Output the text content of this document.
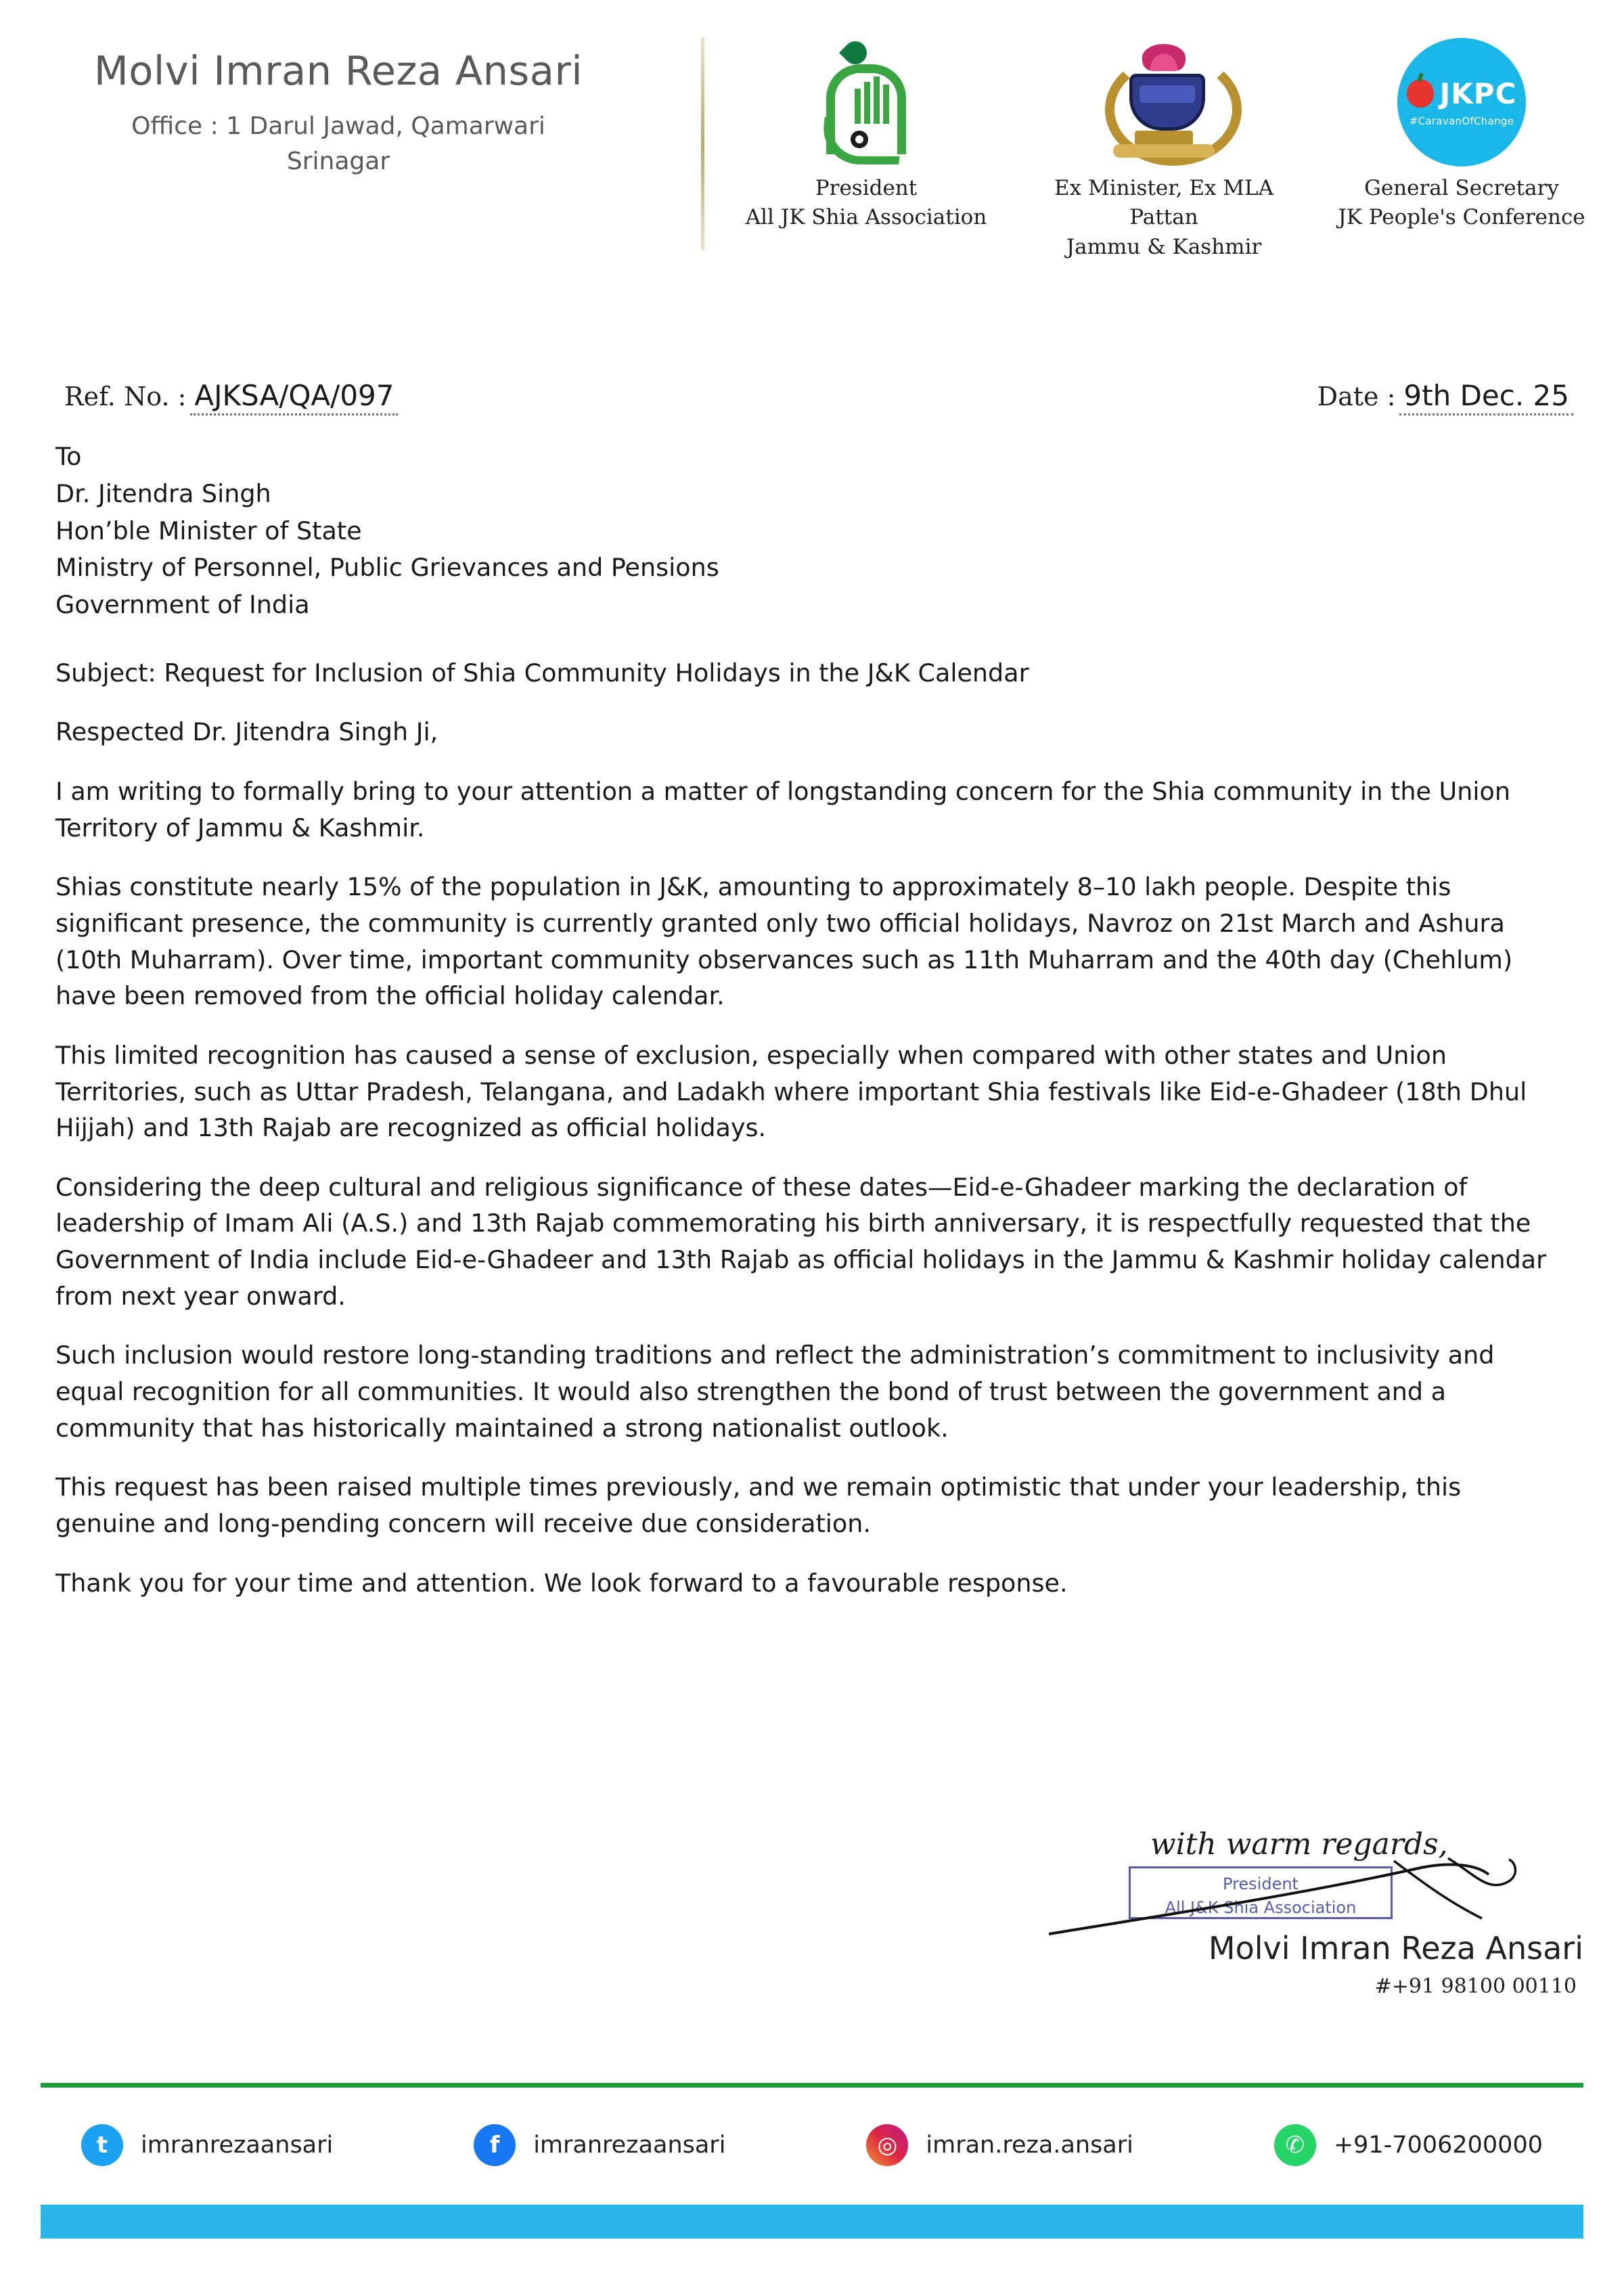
Molvi Imran Reza Ansari
Office : 1 Darul Jawad, Qamarwari
Srinagar
President
All JK Shia Association
Ex Minister, Ex MLA Pattan
Jammu & Kashmir
JKPC
#CaravanOfChange
General Secretary
JK People's Conference
Ref. No. : AJKSA/QA/097	Date : 9th Dec. 25
To
Dr. Jitendra Singh
Hon’ble Minister of State
Ministry of Personnel, Public Grievances and Pensions
Government of India

Subject: Request for Inclusion of Shia Community Holidays in the J&K Calendar

Respected Dr. Jitendra Singh Ji,

I am writing to formally bring to your attention a matter of longstanding concern for the Shia community in the Union Territory of Jammu & Kashmir.

Shias constitute nearly 15% of the population in J&K, amounting to approximately 8–10 lakh people. Despite this significant presence, the community is currently granted only two official holidays, Navroz on 21st March and Ashura (10th Muharram). Over time, important community observances such as 11th Muharram and the 40th day (Chehlum) have been removed from the official holiday calendar.

This limited recognition has caused a sense of exclusion, especially when compared with other states and Union Territories, such as Uttar Pradesh, Telangana, and Ladakh where important Shia festivals like Eid-e-Ghadeer (18th Dhul Hijjah) and 13th Rajab are recognized as official holidays.

Considering the deep cultural and religious significance of these dates—Eid-e-Ghadeer marking the declaration of leadership of Imam Ali (A.S.) and 13th Rajab commemorating his birth anniversary, it is respectfully requested that the Government of India include Eid-e-Ghadeer and 13th Rajab as official holidays in the Jammu & Kashmir holiday calendar from next year onward.

Such inclusion would restore long-standing traditions and reflect the administration’s commitment to inclusivity and equal recognition for all communities. It would also strengthen the bond of trust between the government and a community that has historically maintained a strong nationalist outlook.

This request has been raised multiple times previously, and we remain optimistic that under your leadership, this genuine and long-pending concern will receive due consideration.

Thank you for your time and attention. We look forward to a favourable response.

with warm regards,
President
All J&K Shia Association
Molvi Imran Reza Ansari
#+91 98100 00110
t	imranrezaansari	f	imranrezaansari	◎	imran.reza.ansari	✆	+91-7006200000
